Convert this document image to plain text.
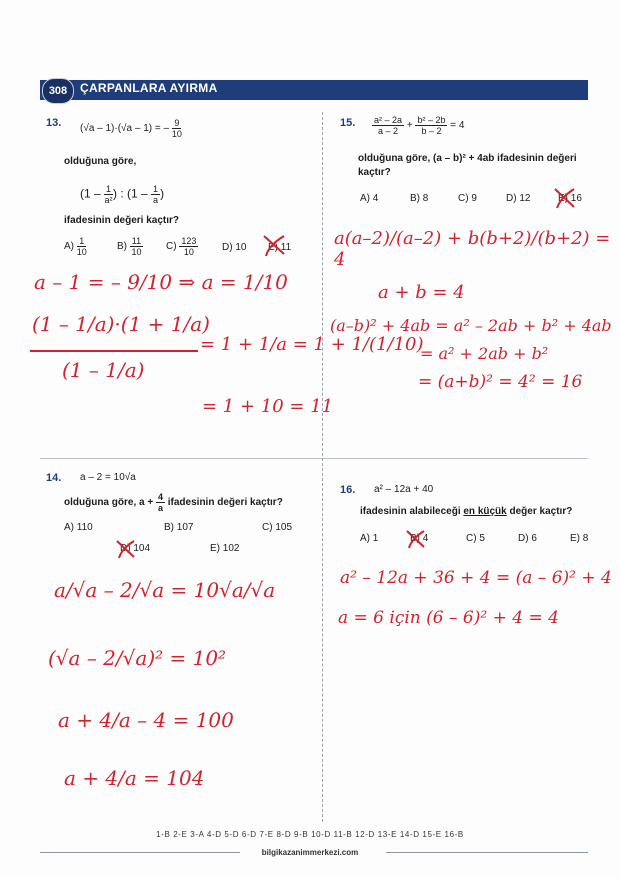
308	ÇARPANLARA AYIRMA
13. (√a – 1)·(√a – 1) = – $\frac{9}{10}$
olduğuna göre,
($1 - \frac{1}{\text{a²}}$ ) : ($1 - \frac{1}{a}$ )
ifadesinin değeri kaçtır?
$A) \frac{1}{10}$	$B) \frac{11}{10} C) \frac{123}{10} D$) 10 E) 11
a – 1 = – 9/10 ⇒ a = 1/10
(1 – 1/a)·(1 + 1/a)
= 1 + 1/a = 1 + 1/(1/10)
(1 – 1/a)
= 1 + 10 = 11
14. a – 2 = 10√a
olduğuna göre, $a + \frac{4}{a}$ ifadesinin değeri kaçtır?
A) 110	B) 107	C) 105
D) 104	E) 102
a/√a – 2/√a = 10√a/√a
(√a – 2/√a)² = 10²
a + 4/a – 4 = 100
a + 4/a = 104
15. $\frac{\text{a² – 2a}}{a - 2} + \frac{\text{b² – 2b}}{b - 2} = 4$
olduğuna göre, (a – b)² + 4ab ifadesinin değeri kaçtır?
A) 4	B) 8	C) 9	D) 12	E) 16
a(a–2)/(a–2) + b(b+2)/(b+2) = 4
a + b = 4
(a–b)² + 4ab = a² – 2ab + b² + 4ab
= a² + 2ab + b²
= (a+b)² = 4² = 16
16. a² – 12a + 40
ifadesinin alabileceği en küçük değer kaçtır?
A) 1	B) 4	C) 5	D) 6	E) 8
a² – 12a + 36 + 4 = (a – 6)² + 4
a = 6 için (6 – 6)² + 4 = 4
1-B 2-E 3-A 4-D 5-D 6-D 7-E 8-D 9-B 10-D 11-B 12-D 13-E 14-D 15-E 16-B
bilgikazanimmerkezi.com
